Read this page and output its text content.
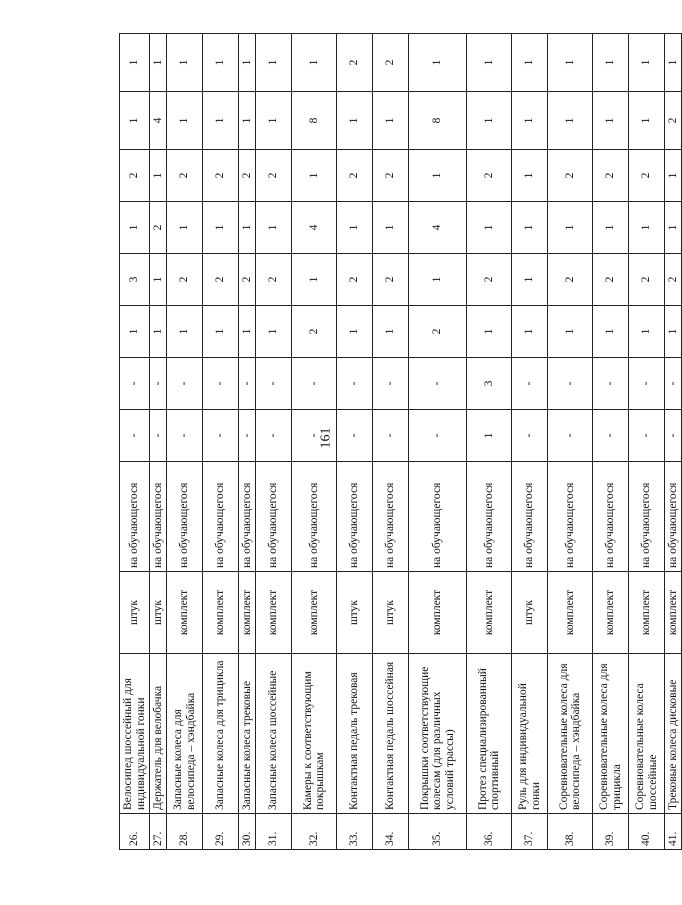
161
26.	Велосипед шоссейный для индивидуальной гонки	штук	на обучающегося	-	-	1	3	1	2	1	1
27.	Держатель для велобачка	штук	на обучающегося	-	-	1	1	2	1	4	1
28.	Запасные колеса для велосипеда – хэндбайка	комплект	на обучающегося	-	-	1	2	1	2	1	1
29.	Запасные колеса для трицикла	комплект	на обучающегося	-	-	1	2	1	2	1	1
30.	Запасные колеса трековые	комплект	на обучающегося	-	-	1	2	1	2	1	1
31.	Запасные колеса шоссейные	комплект	на обучающегося	-	-	1	2	1	2	1	1
32.	Камеры к соответствующим покрышкам	комплект	на обучающегося	-	-	2	1	4	1	8	1
33.	Контактная педаль трековая	штук	на обучающегося	-	-	1	2	1	2	1	2
34.	Контактная педаль шоссейная	штук	на обучающегося	-	-	1	2	1	2	1	2
35.	Покрышки соответствующие колесам (для различных условий трассы)	комплект	на обучающегося	-	-	2	1	4	1	8	1
36.	Протез специализированный спортивный	комплект	на обучающегося	1	3	1	2	1	2	1	1
37.	Руль для индивидуальной гонки	штук	на обучающегося	-	-	1	1	1	1	1	1
38.	Соревновательные колеса для велосипеда – хэндбайка	комплект	на обучающегося	-	-	1	2	1	2	1	1
39.	Соревновательные колеса для трицикла	комплект	на обучающегося	-	-	1	2	1	2	1	1
40.	Соревновательные колеса шоссейные	комплект	на обучающегося	-	-	1	2	1	2	1	1
41.	Трековые колеса дисковые	комплект	на обучающегося	-	-	1	2	1	1	2	1
